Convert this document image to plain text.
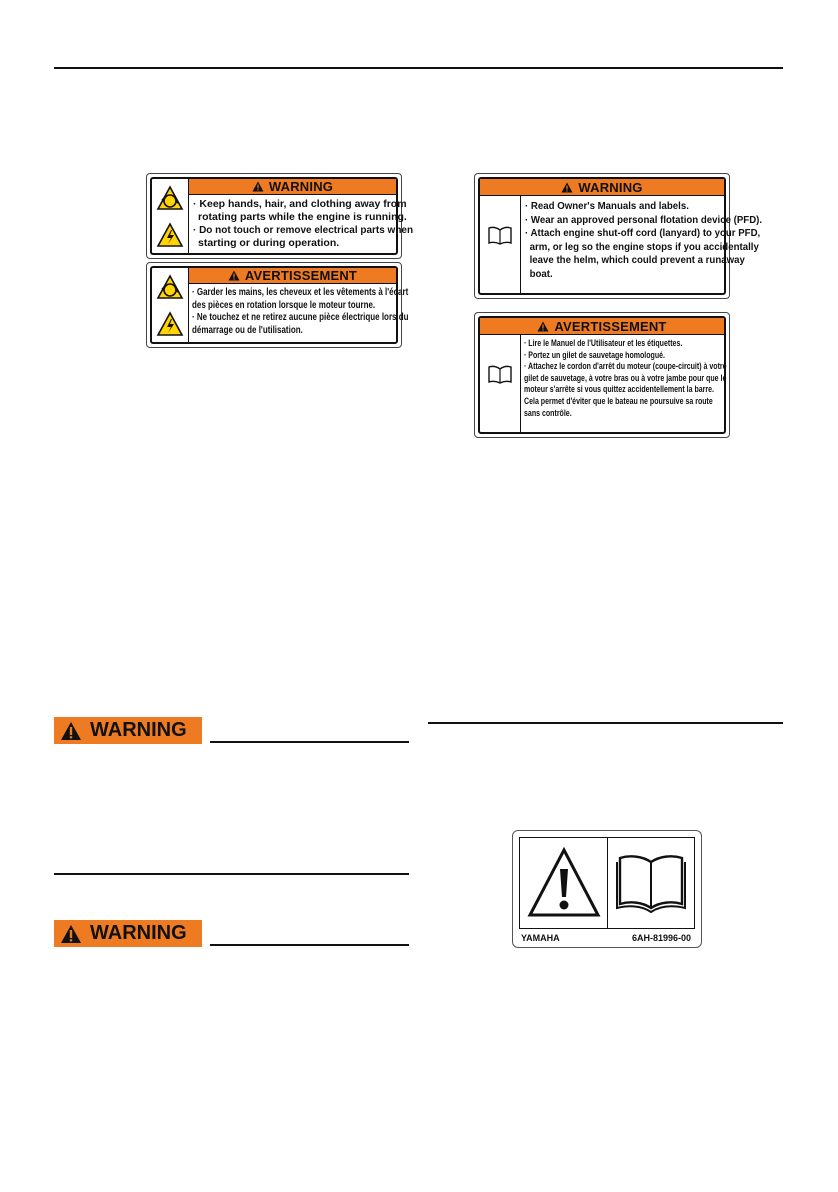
WARNING
· Keep hands, hair, and clothing away from
rotating parts while the engine is running.
· Do not touch or remove electrical parts when
starting or during operation.
AVERTISSEMENT
· Garder les mains, les cheveux et les vêtements à l'écart
des pièces en rotation lorsque le moteur tourne.
· Ne touchez et ne retirez aucune pièce électrique lors du
démarrage ou de l'utilisation.
WARNING
· Read Owner's Manuals and labels.
· Wear an approved personal flotation device (PFD).
· Attach engine shut-off cord (lanyard) to your PFD,
arm, or leg so the engine stops if you accidentally
leave the helm, which could prevent a runaway
boat.
AVERTISSEMENT
· Lire le Manuel de l'Utilisateur et les étiquettes.
· Portez un gilet de sauvetage homologué.
· Attachez le cordon d'arrêt du moteur (coupe-circuit) à votre
gilet de sauvetage, à votre bras ou à votre jambe pour que le
moteur s'arrête si vous quittez accidentellement la barre.
Cela permet d'éviter que le bateau ne poursuive sa route
sans contrôle.
WARNING
WARNING	YAMAHA	6AH-81996-00
